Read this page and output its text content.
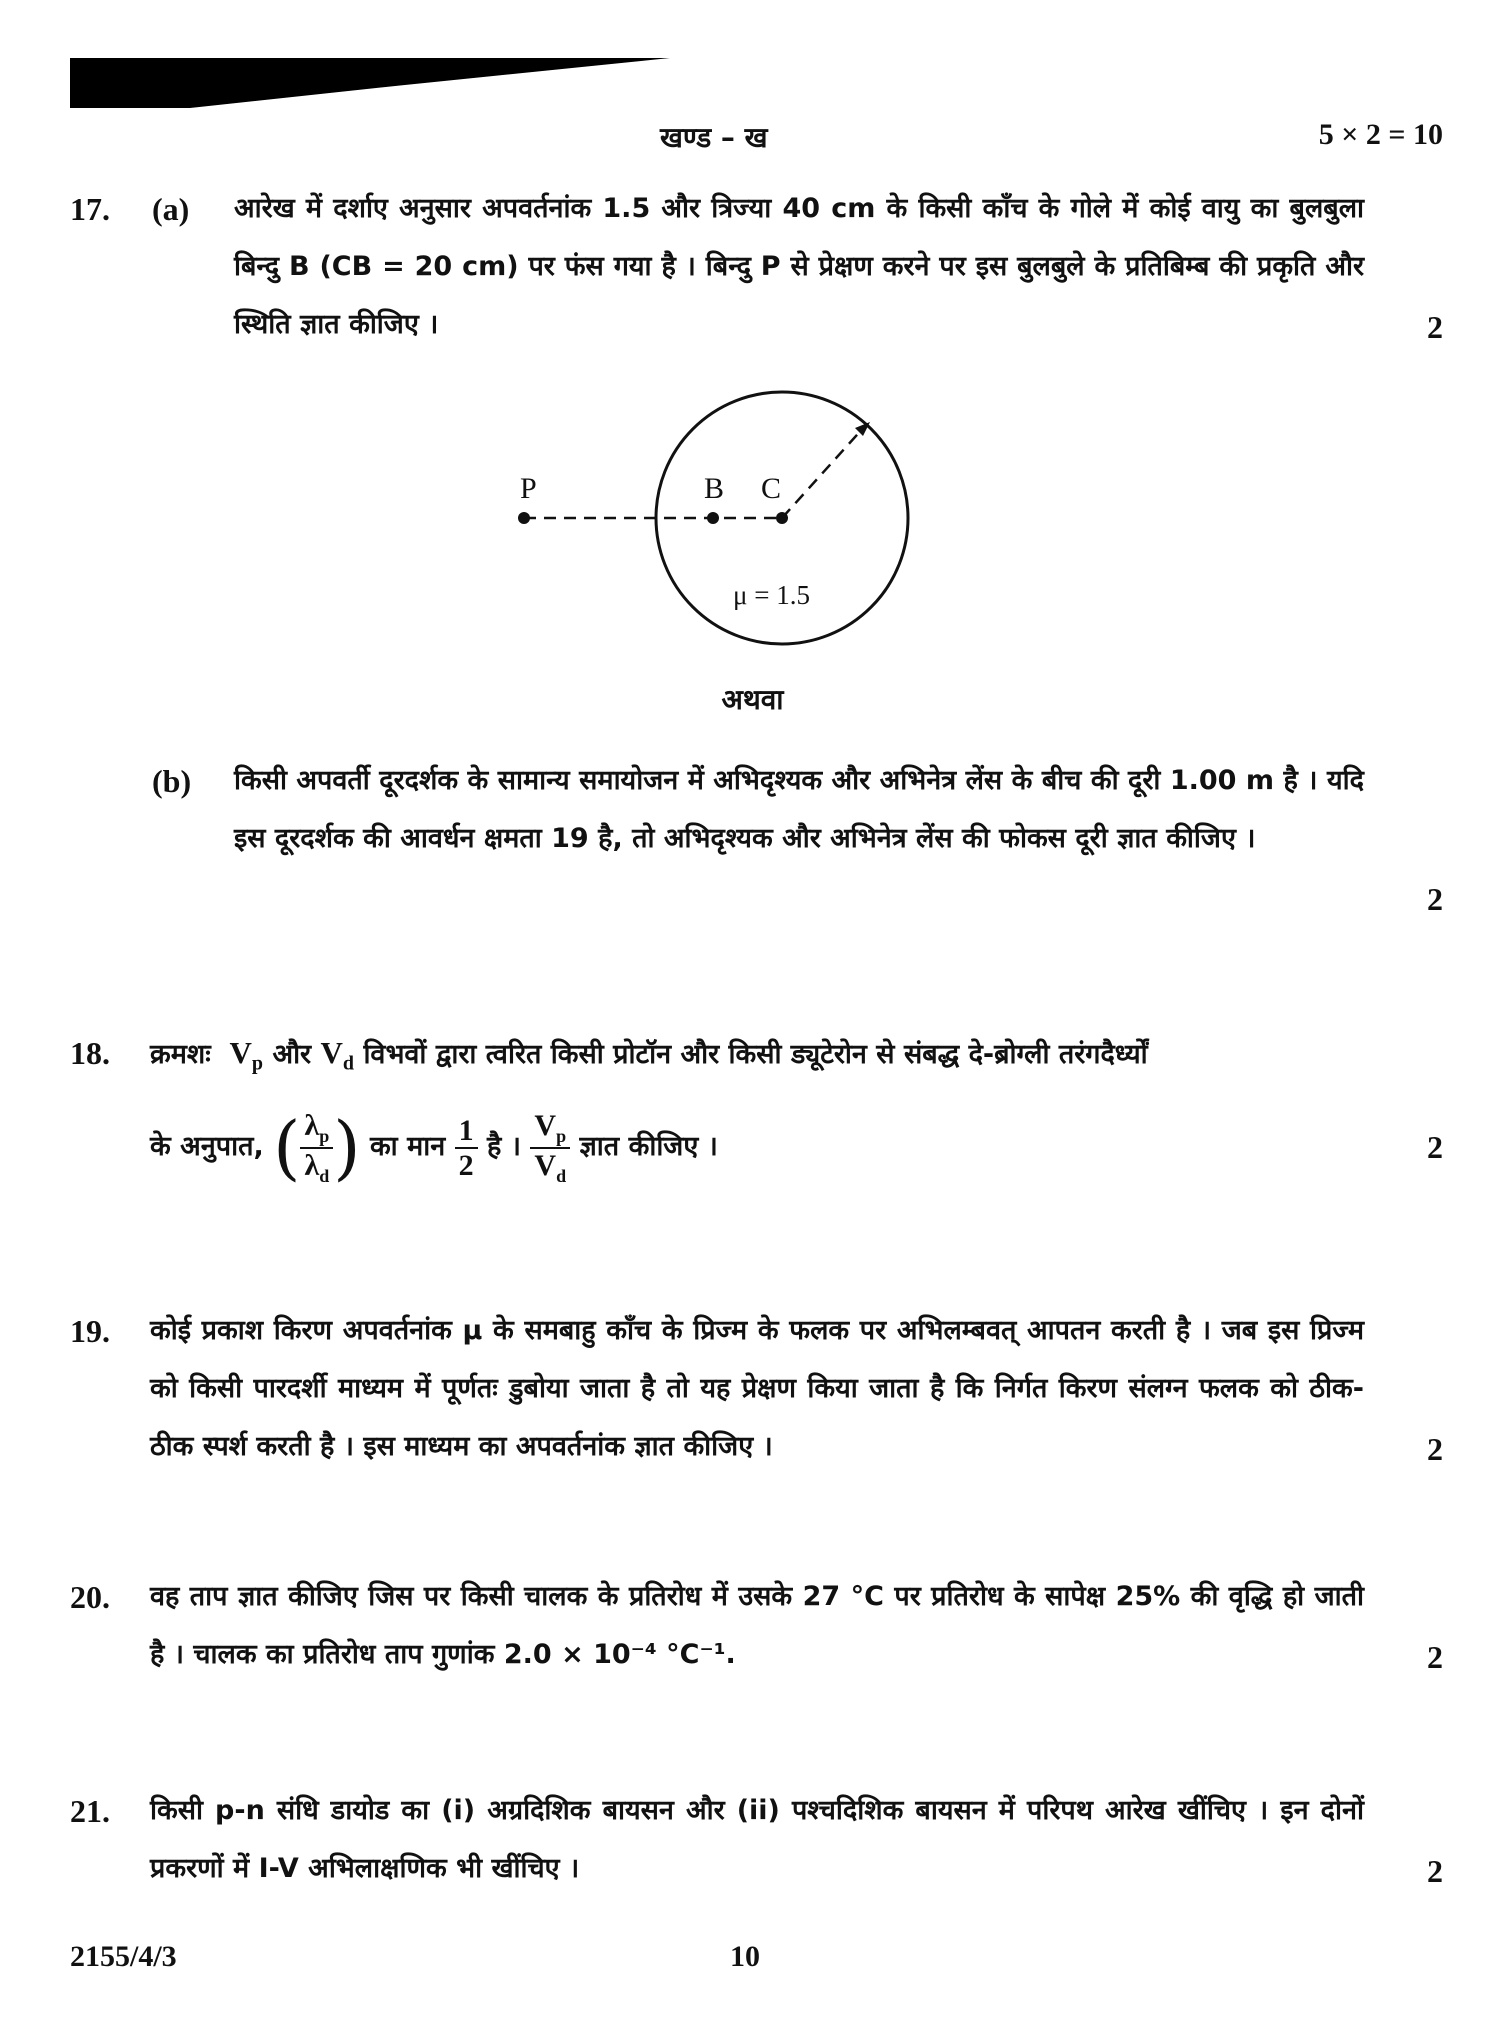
खण्ड – ख	5 × 2 = 10
17. (a) आरेख में दर्शाए अनुसार अपवर्तनांक 1.5 और त्रिज्या 40 cm के किसी काँच के गोले में कोई वायु का बुलबुला बिन्दु B (CB = 20 cm) पर फंस गया है । बिन्दु P से प्रेक्षण करने पर इस बुलबुले के प्रतिबिम्ब की प्रकृति और स्थिति ज्ञात कीजिए ।	2
P	B C
μ = 1.5
अथवा
(b) किसी अपवर्ती दूरदर्शक के सामान्य समायोजन में अभिदृश्यक और अभिनेत्र लेंस के बीच की दूरी 1.00 m है । यदि इस दूरदर्शक की आवर्धन क्षमता 19 है, तो अभिदृश्यक और अभिनेत्र लेंस की फोकस दूरी ज्ञात कीजिए ।
2
18. क्रमशः $V_p$ और $V_d$ विभवों द्वारा त्वरित किसी प्रोटॉन और किसी ड्यूटेरोन से संबद्ध दे-ब्रोग्ली तरंगदैर्ध्यों
के अनुपात, ( $\frac{\lambda_p}{\lambda_d}$ ) का मान $\frac{1}{2}$ है । $\frac{V_p}{V_d}$ ज्ञात कीजिए ।	2
19. कोई प्रकाश किरण अपवर्तनांक μ के समबाहु काँच के प्रिज्म के फलक पर अभिलम्बवत् आपतन करती है । जब इस प्रिज्म को किसी पारदर्शी माध्यम में पूर्णतः डुबोया जाता है तो यह प्रेक्षण किया जाता है कि निर्गत किरण संलग्न फलक को ठीक-ठीक स्पर्श करती है । इस माध्यम का अपवर्तनांक ज्ञात कीजिए ।	2
20. वह ताप ज्ञात कीजिए जिस पर किसी चालक के प्रतिरोध में उसके 27 °C पर प्रतिरोध के सापेक्ष 25% की वृद्धि हो जाती है । चालक का प्रतिरोध ताप गुणांक 2.0 × 10⁻⁴ °C⁻¹.	2
21. किसी p-n संधि डायोड का (i) अग्रदिशिक बायसन और (ii) पश्चदिशिक बायसन में परिपथ आरेख खींचिए । इन दोनों प्रकरणों में I-V अभिलाक्षणिक भी खींचिए ।	2
2155/4/3	10
